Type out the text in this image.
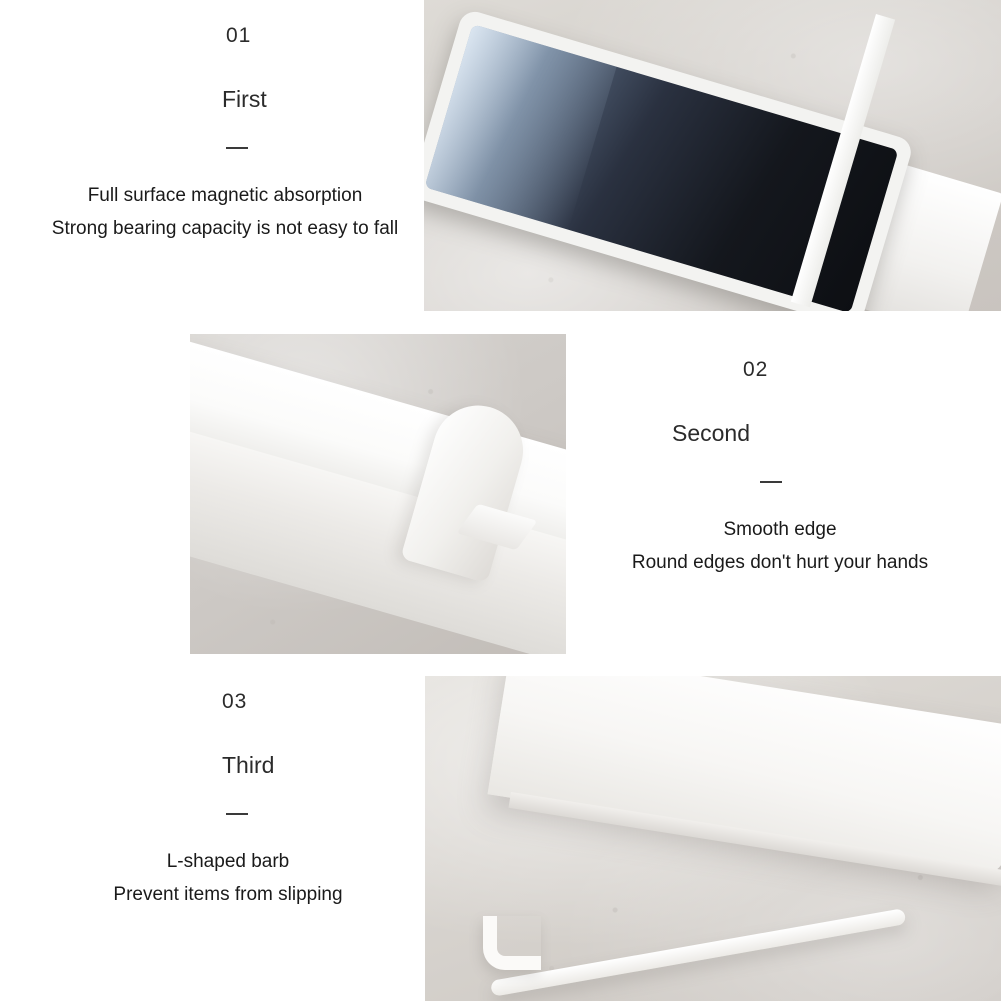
01
First
Full surface magnetic absorption
Strong bearing capacity is not easy to fall
02
Second
Smooth edge
Round edges don't hurt your hands
03
Third
L-shaped barb
Prevent items from slipping
